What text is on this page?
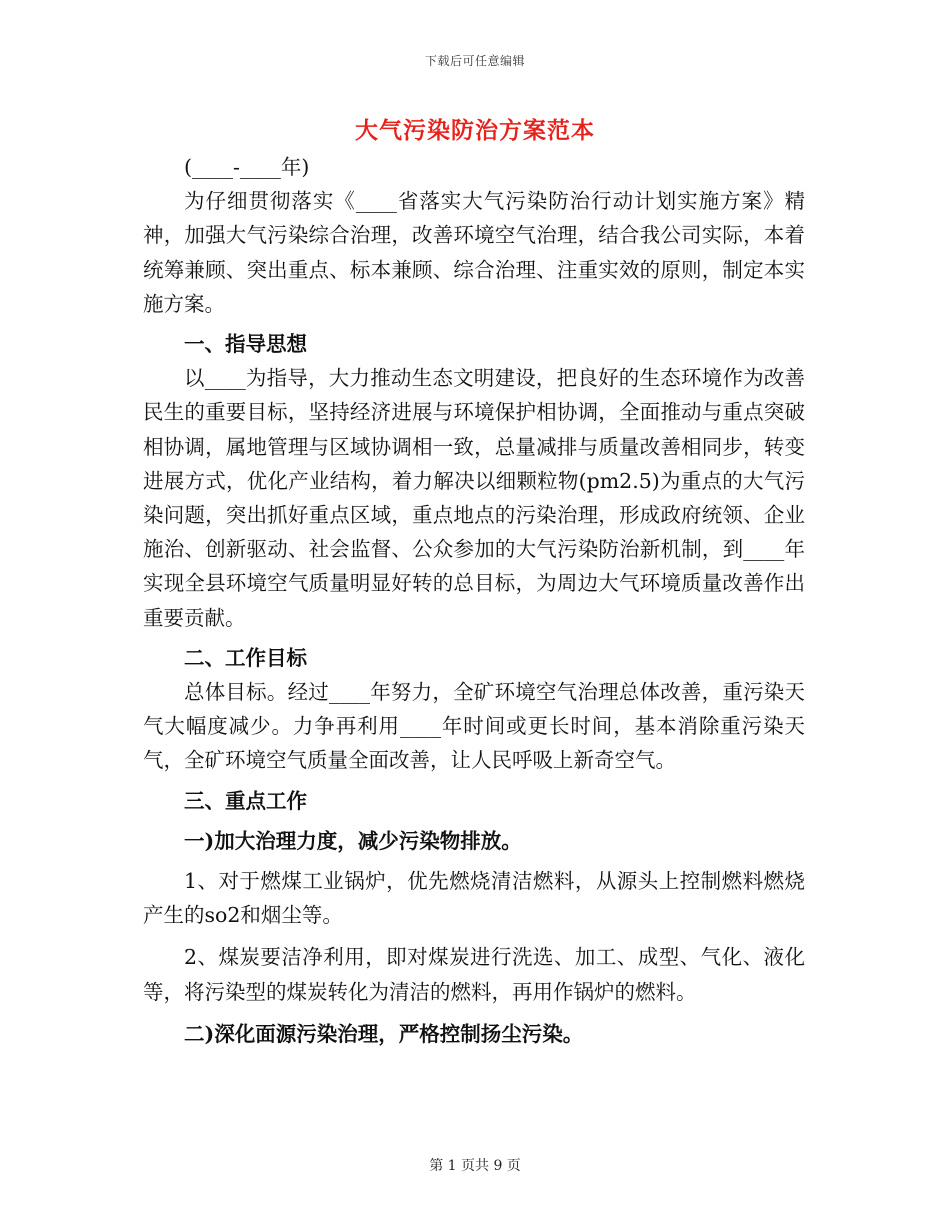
下载后可任意编辑
大气污染防治方案范本

(____-____年)

为仔细贯彻落实《____省落实大气污染防治行动计划实施方案》精神，加强大气污染综合治理，改善环境空气治理，结合我公司实际，本着统筹兼顾、突出重点、标本兼顾、综合治理、注重实效的原则，制定本实施方案。

一、指导思想

以____为指导，大力推动生态文明建设，把良好的生态环境作为改善民生的重要目标，坚持经济进展与环境保护相协调，全面推动与重点突破相协调，属地管理与区域协调相一致，总量减排与质量改善相同步，转变进展方式，优化产业结构，着力解决以细颗粒物(pm2.5)为重点的大气污染问题，突出抓好重点区域，重点地点的污染治理，形成政府统领、企业施治、创新驱动、社会监督、公众参加的大气污染防治新机制，到____年实现全县环境空气质量明显好转的总目标，为周边大气环境质量改善作出重要贡献。

二、工作目标

总体目标。经过____年努力，全矿环境空气治理总体改善，重污染天气大幅度减少。力争再利用____年时间或更长时间，基本消除重污染天气，全矿环境空气质量全面改善，让人民呼吸上新奇空气。

三、重点工作

一)加大治理力度，减少污染物排放。

1、对于燃煤工业锅炉，优先燃烧清洁燃料，从源头上控制燃料燃烧产生的so2和烟尘等。

2、煤炭要洁净利用，即对煤炭进行洗选、加工、成型、气化、液化等，将污染型的煤炭转化为清洁的燃料，再用作锅炉的燃料。

二)深化面源污染治理，严格控制扬尘污染。

第 1 页共 9 页
